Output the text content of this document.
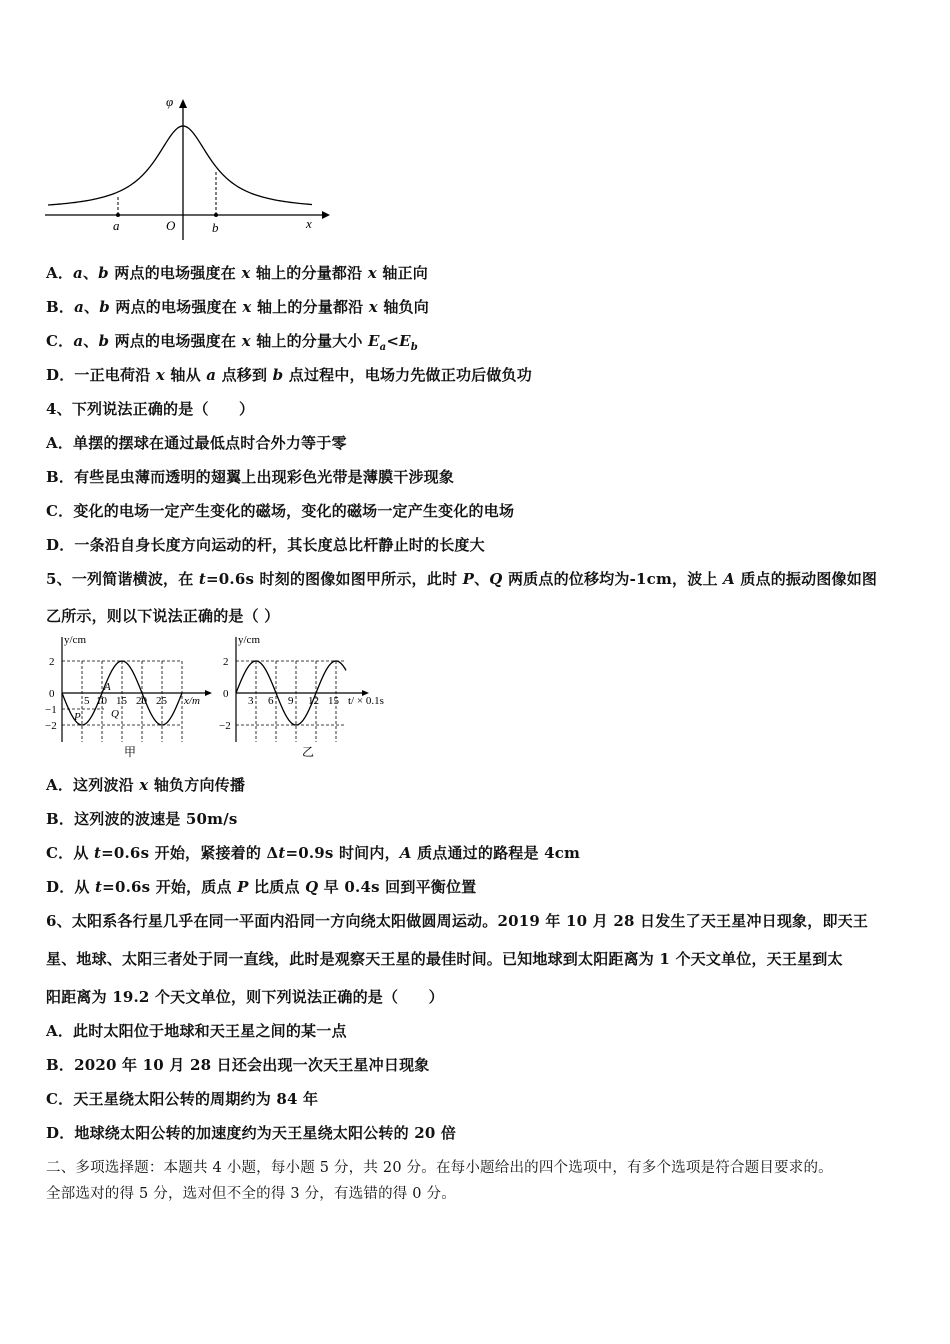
φ
a	O	b	x
A．a、b 两点的电场强度在 x 轴上的分量都沿 x 轴正向
B．a、b 两点的电场强度在 x 轴上的分量都沿 x 轴负向
C．a、b 两点的电场强度在 x 轴上的分量大小 $E_a<E_b$
D．一正电荷沿 x 轴从 a 点移到 b 点过程中，电场力先做正功后做负功
4、下列说法正确的是（　　）
A．单摆的摆球在通过最低点时合外力等于零
B．有些昆虫薄而透明的翅翼上出现彩色光带是薄膜干涉现象
C．变化的电场一定产生变化的磁场，变化的磁场一定产生变化的电场
D．一条沿自身长度方向运动的杆，其长度总比杆静止时的长度大
5、一列简谐横波，在 t=0.6s 时刻的图像如图甲所示，此时 P、Q 两质点的位移均为-1cm，波上 A 质点的振动图像如图
乙所示，则以下说法正确的是（ ）
y/cm
2
0
−1
−2
5 10 15 20 25 x/m
P
A
Q
甲
y/cm
2
0
−2
3 6 9 12 15 t/ × 0.1s
乙
A．这列波沿 x 轴负方向传播
B．这列波的波速是 50m/s
C．从 t=0.6s 开始，紧接着的 Δt=0.9s 时间内，A 质点通过的路程是 4cm
D．从 t=0.6s 开始，质点 P 比质点 Q 早 0.4s 回到平衡位置
6、太阳系各行星几乎在同一平面内沿同一方向绕太阳做圆周运动。2019 年 10 月 28 日发生了天王星冲日现象，即天王
星、地球、太阳三者处于同一直线，此时是观察天王星的最佳时间。已知地球到太阳距离为 1 个天文单位，天王星到太
阳距离为 19.2 个天文单位，则下列说法正确的是（　　）
A．此时太阳位于地球和天王星之间的某一点
B．2020 年 10 月 28 日还会出现一次天王星冲日现象
C．天王星绕太阳公转的周期约为 84 年
D．地球绕太阳公转的加速度约为天王星绕太阳公转的 20 倍
二、多项选择题：本题共 4 小题，每小题 5 分，共 20 分。在每小题给出的四个选项中，有多个选项是符合题目要求的。
全部选对的得 5 分，选对但不全的得 3 分，有选错的得 0 分。
